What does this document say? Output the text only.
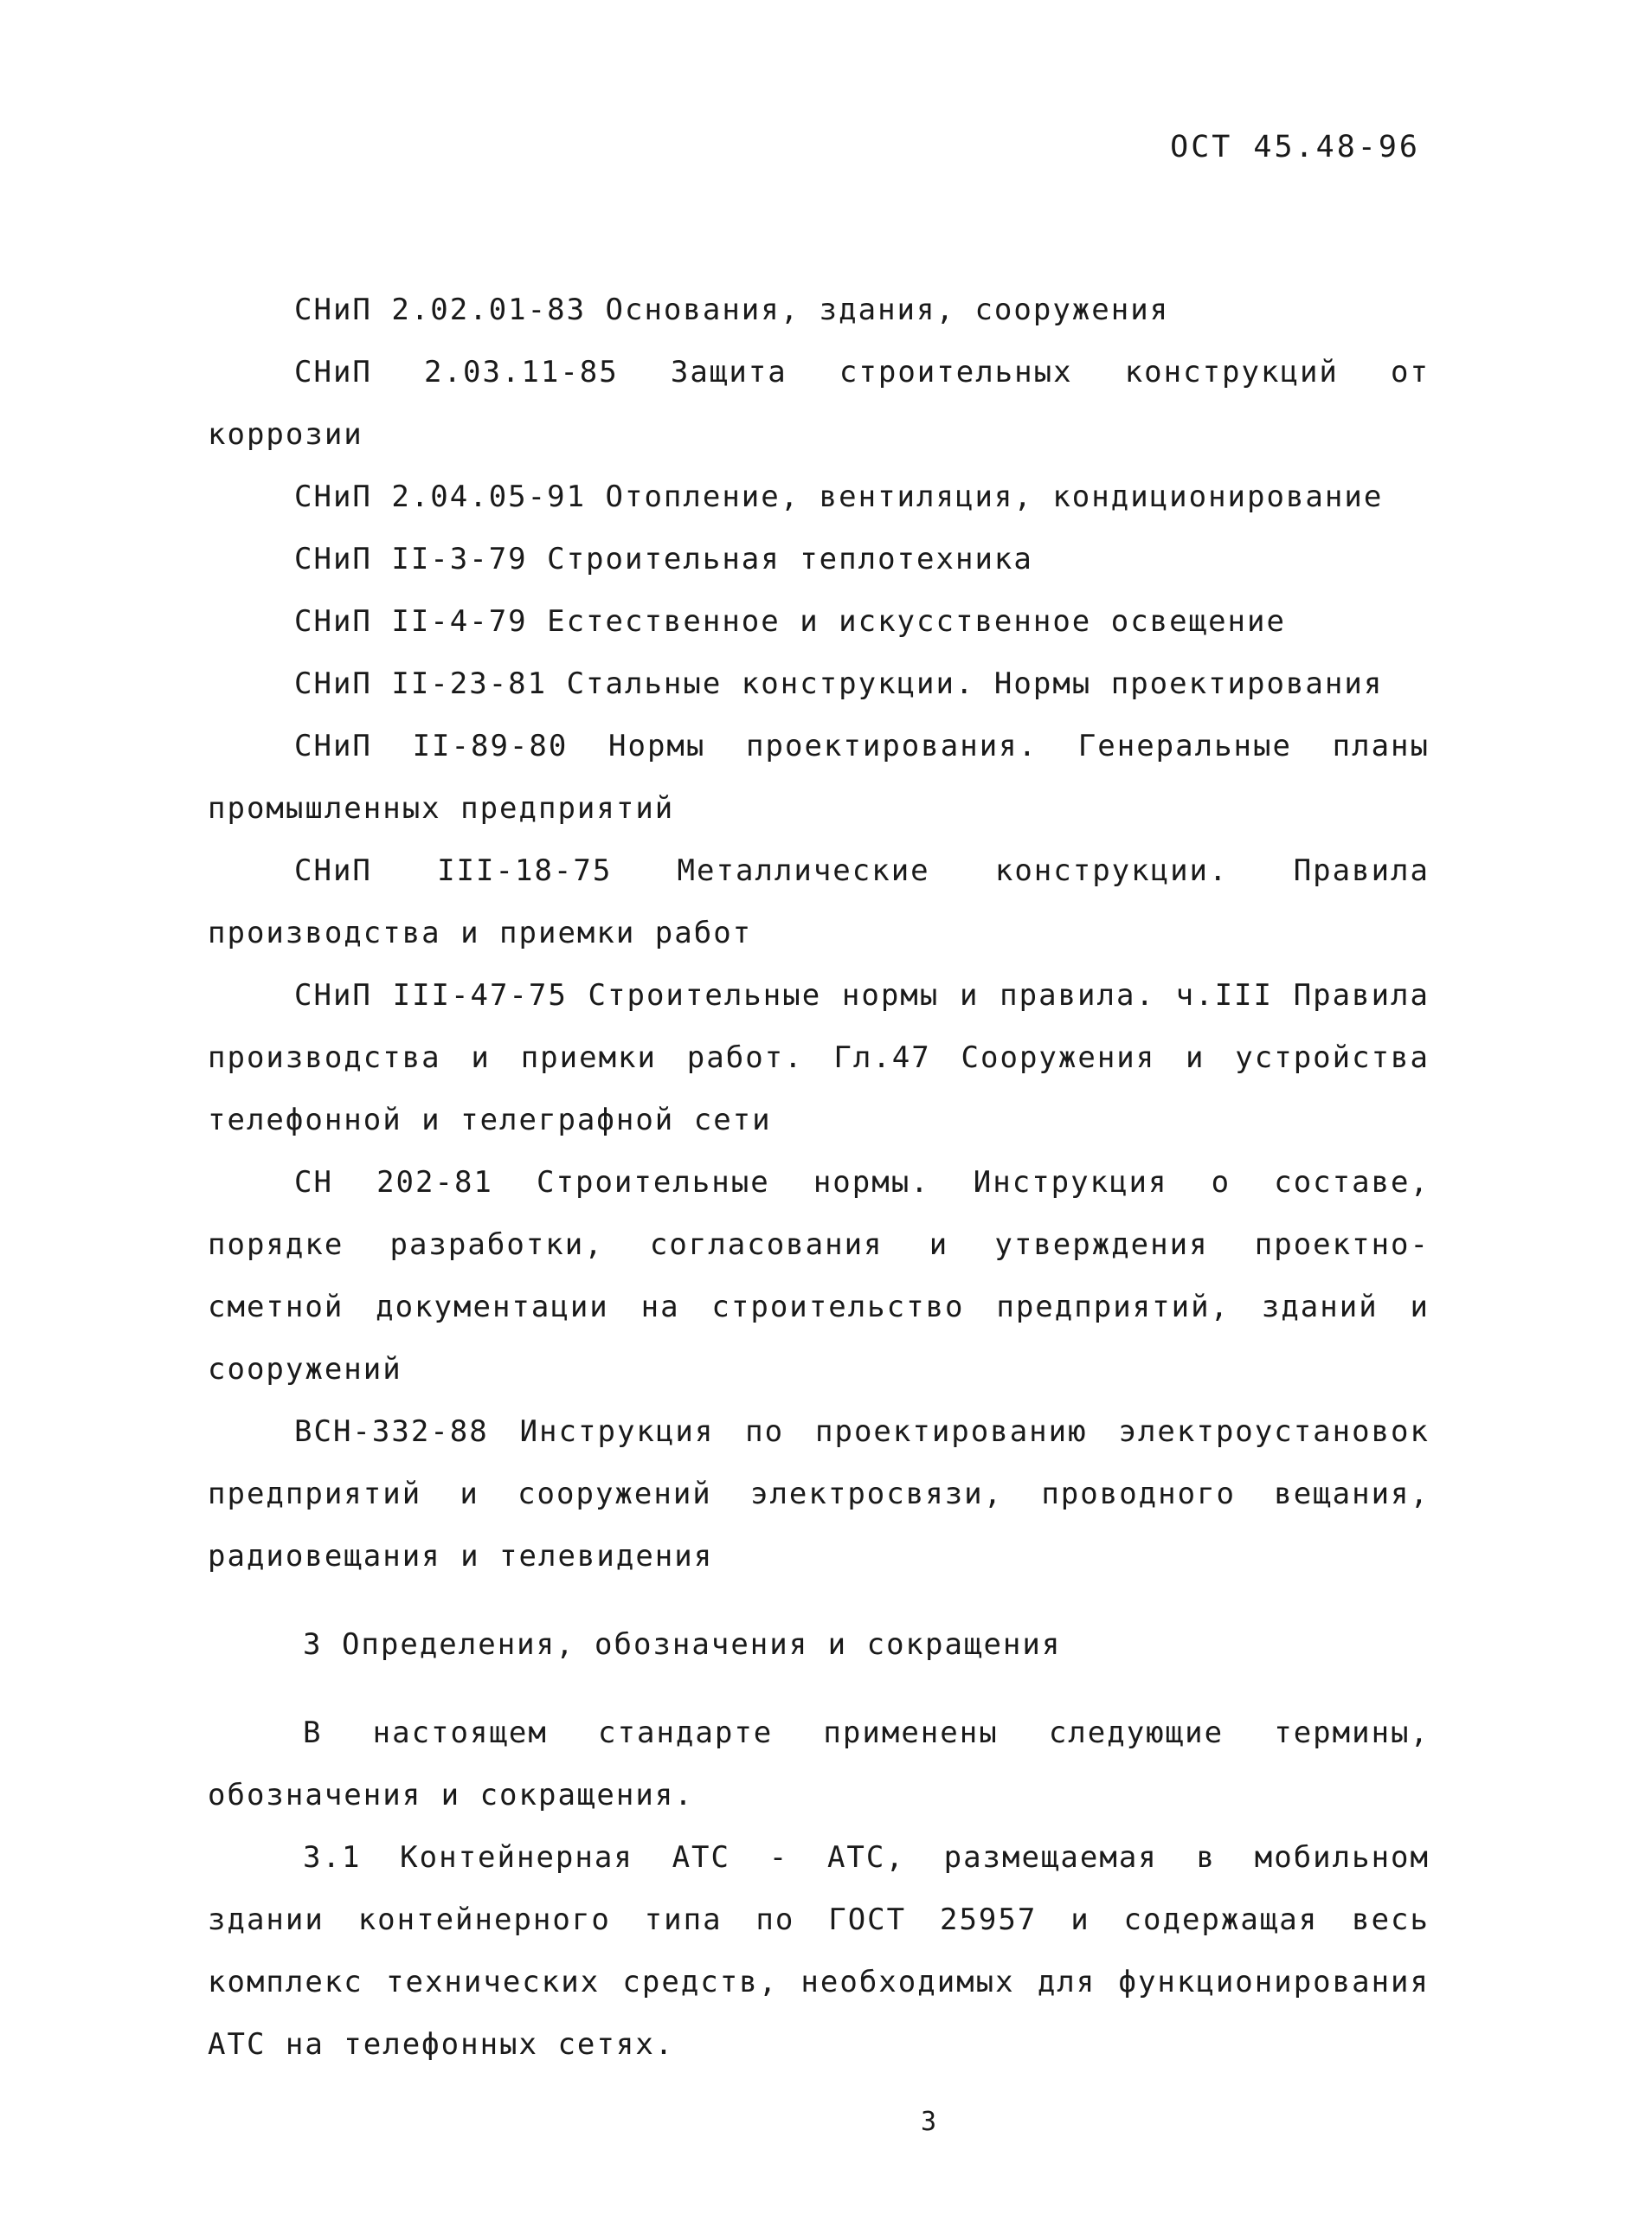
ОСТ 45.48-96

СНиП 2.02.01-83 Основания, здания, сооружения

СНиП 2.03.11-85 Защита строительных конструкций от коррозии

СНиП 2.04.05-91 Отопление, вентиляция, кондиционирование

СНиП II-3-79 Строительная теплотехника

СНиП II-4-79 Естественное и искусственное освещение

СНиП II-23-81 Стальные конструкции. Нормы проектирования

СНиП II-89-80 Нормы проектирования. Генеральные планы промышленных предприятий

СНиП III-18-75 Металлические конструкции. Правила производства и приемки работ

СНиП III-47-75 Строительные нормы и правила. ч.III Правила производства и приемки работ. Гл.47 Сооружения и устройства телефонной и телеграфной сети

СН 202-81 Строительные нормы. Инструкция о составе, порядке разработки, согласования и утверждения проектно-сметной документации на строительство предприятий, зданий и сооружений

ВСН-332-88 Инструкция по проектированию электроустановок предприятий и сооружений электросвязи, проводного вещания, радиовещания и телевидения

3 Определения, обозначения и сокращения

В настоящем стандарте применены следующие термины, обозначения и сокращения.

3.1 Контейнерная АТС - АТС, размещаемая в мобильном здании контейнерного типа по ГОСТ 25957 и содержащая весь комплекс технических средств, необходимых для функционирования АТС на телефонных сетях.

3
